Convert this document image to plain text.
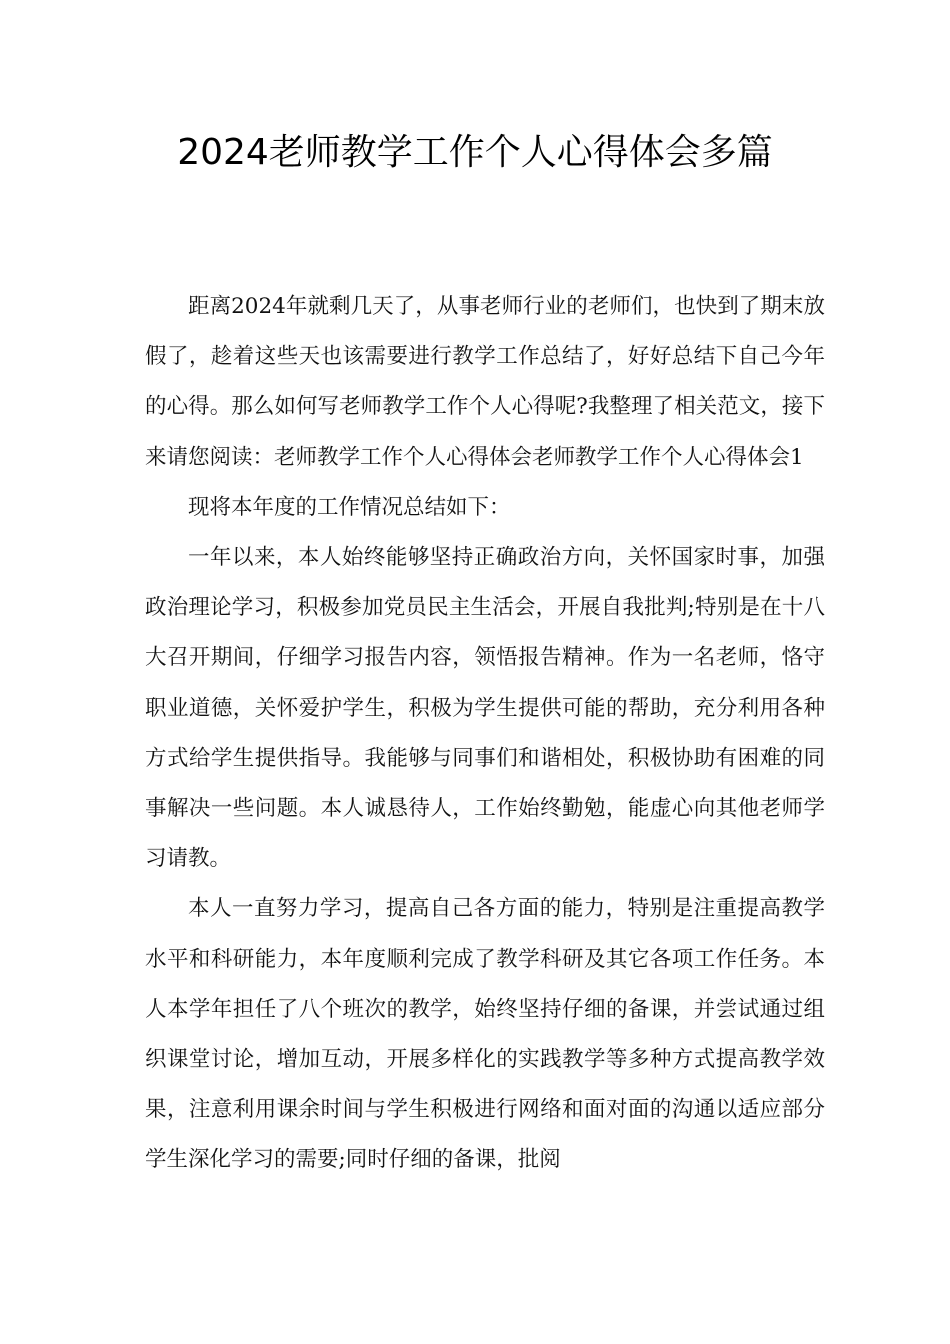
2024老师教学工作个人心得体会多篇

距离2024年就剩几天了，从事老师行业的老师们，也快到了期末放假了，趁着这些天也该需要进行教学工作总结了，好好总结下自己今年的心得。那么如何写老师教学工作个人心得呢?我整理了相关范文，接下来请您阅读：老师教学工作个人心得体会老师教学工作个人心得体会1

现将本年度的工作情况总结如下：

一年以来，本人始终能够坚持正确政治方向，关怀国家时事，加强政治理论学习，积极参加党员民主生活会，开展自我批判;特别是在十八大召开期间，仔细学习报告内容，领悟报告精神。作为一名老师，恪守职业道德，关怀爱护学生，积极为学生提供可能的帮助，充分利用各种方式给学生提供指导。我能够与同事们和谐相处，积极协助有困难的同事解决一些问题。本人诚恳待人，工作始终勤勉，能虚心向其他老师学习请教。

本人一直努力学习，提高自己各方面的能力，特别是注重提高教学水平和科研能力，本年度顺利完成了教学科研及其它各项工作任务。本人本学年担任了八个班次的教学，始终坚持仔细的备课，并尝试通过组织课堂讨论，增加互动，开展多样化的实践教学等多种方式提高教学效果，注意利用课余时间与学生积极进行网络和面对面的沟通以适应部分学生深化学习的需要;同时仔细的备课，批阅
